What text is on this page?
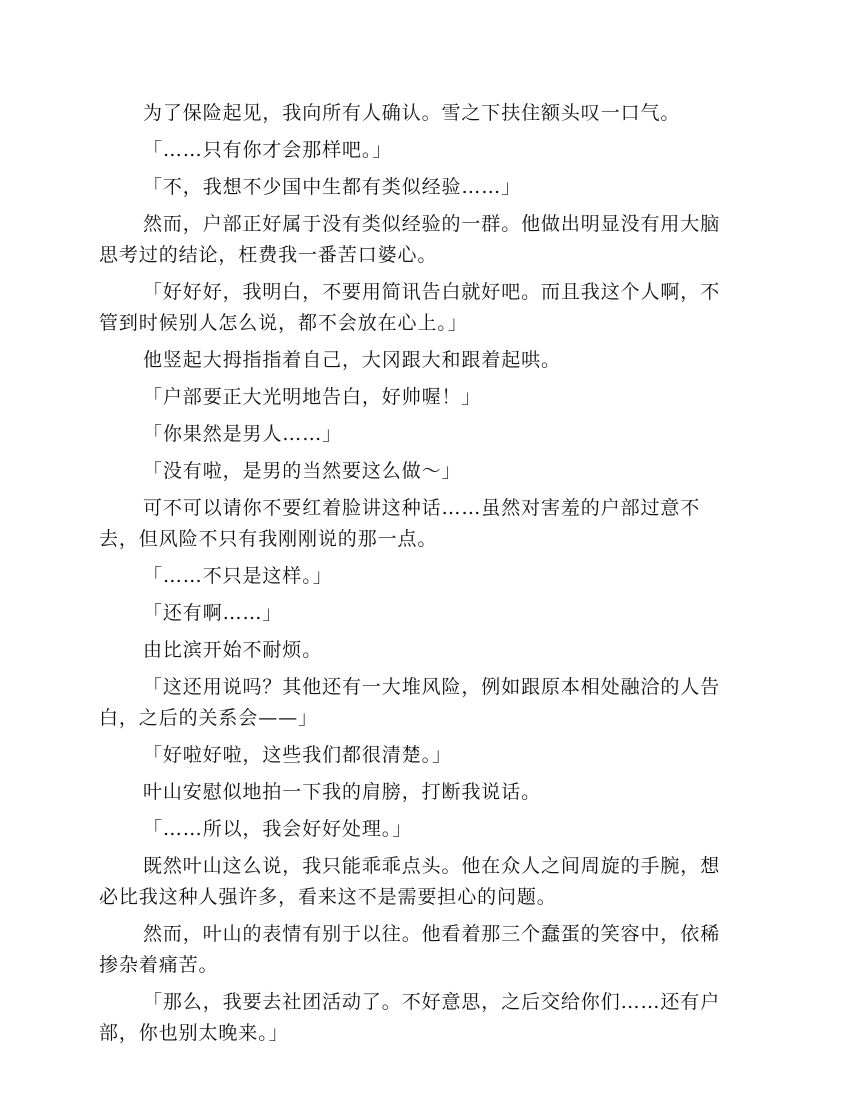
为了保险起见，我向所有人确认。雪之下扶住额头叹一口气。

「……只有你才会那样吧。」

「不，我想不少国中生都有类似经验……」

然而，户部正好属于没有类似经验的一群。他做出明显没有用大脑
思考过的结论，枉费我一番苦口婆心。

「好好好，我明白，不要用简讯告白就好吧。而且我这个人啊，不
管到时候别人怎么说，都不会放在心上。」

他竖起大拇指指着自己，大冈跟大和跟着起哄。

「户部要正大光明地告白，好帅喔！」

「你果然是男人……」

「没有啦，是男的当然要这么做～」

可不可以请你不要红着脸讲这种话……虽然对害羞的户部过意不
去，但风险不只有我刚刚说的那一点。

「……不只是这样。」

「还有啊……」

由比滨开始不耐烦。

「这还用说吗？其他还有一大堆风险，例如跟原本相处融洽的人告
白，之后的关系会——」

「好啦好啦，这些我们都很清楚。」

叶山安慰似地拍一下我的肩膀，打断我说话。

「……所以，我会好好处理。」

既然叶山这么说，我只能乖乖点头。他在众人之间周旋的手腕，想
必比我这种人强许多，看来这不是需要担心的问题。

然而，叶山的表情有别于以往。他看着那三个蠢蛋的笑容中，依稀
掺杂着痛苦。

「那么，我要去社团活动了。不好意思，之后交给你们……还有户
部，你也别太晚来。」
